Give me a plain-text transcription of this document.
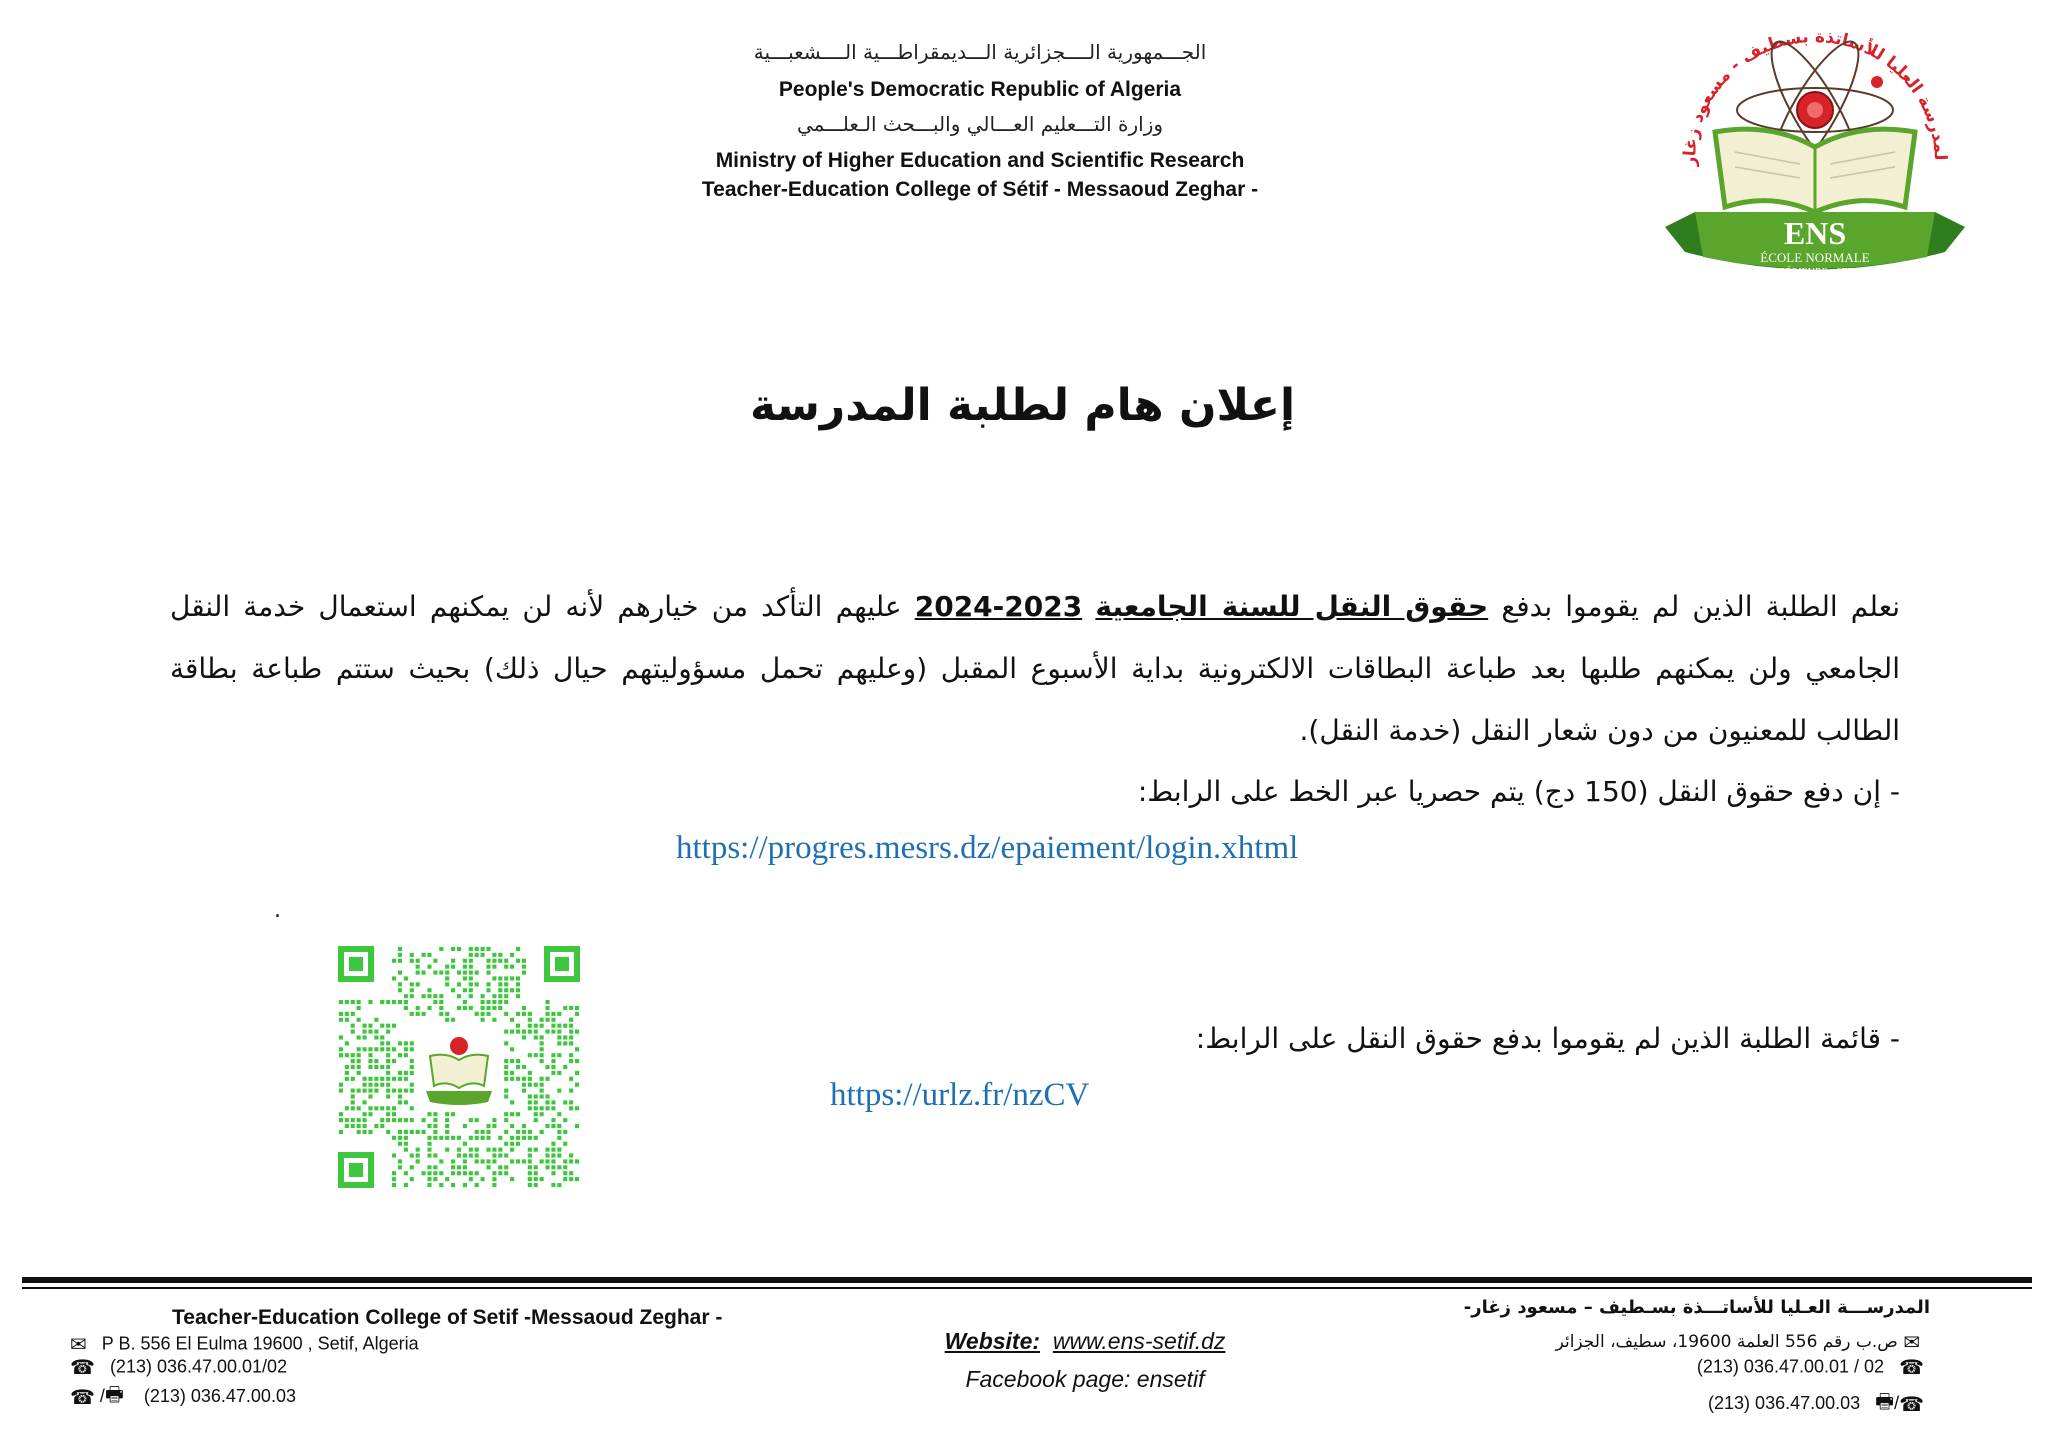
الجـــمهورية الــــجزائرية الـــديمقراطـــية الــــشعبـــية
People's Democratic Republic of Algeria
وزارة التـــعليم العـــالي والبـــحث الـعلـــمي
Ministry of Higher Education and Scientific Research
Teacher-Education College of Sétif - Messaoud Zeghar -
لمدرسة العليا للأساتذة بسطيف - مسعود زغار
ENS
ÉCOLE NORMALE
SUPÉRIEURE - SETIF
إعلان هام لطلبة المدرسة
نعلم الطلبة الذين لم يقوموا بدفع حقوق النقل للسنة الجامعية 2024-2023 عليهم التأكد من خيارهم لأنه لن يمكنهم استعمال خدمة النقل الجامعي ولن يمكنهم طلبها بعد طباعة البطاقات الالكترونية بداية الأسبوع المقبل (وعليهم تحمل مسؤوليتهم حيال ذلك) بحيث ستتم طباعة بطاقة الطالب للمعنيون من دون شعار النقل (خدمة النقل).
- إن دفع حقوق النقل (150 دج) يتم حصريا عبر الخط على الرابط:
https://progres.mesrs.dz/epaiement/login.xhtml
.
- قائمة الطلبة الذين لم يقوموا بدفع حقوق النقل على الرابط:
https://urlz.fr/nzCV
Teacher-Education College of Setif -Messaoud Zeghar -
✉ P B. 556 El Eulma 19600 , Setif, Algeria
☎ (213) 036.47.00.01/02
☎ /🖶 (213) 036.47.00.03
Website: www.ens-setif.dz
Facebook page: ensetif
المدرســـة العـليا للأساتـــذة بسـطيف – مسعود زغار-
✉ ص.ب رقم 556 العلمة 19600، سطيف، الجزائر
(213) 036.47.00.01 / 02 ☎
(213) 036.47.00.03 🖶/☎
